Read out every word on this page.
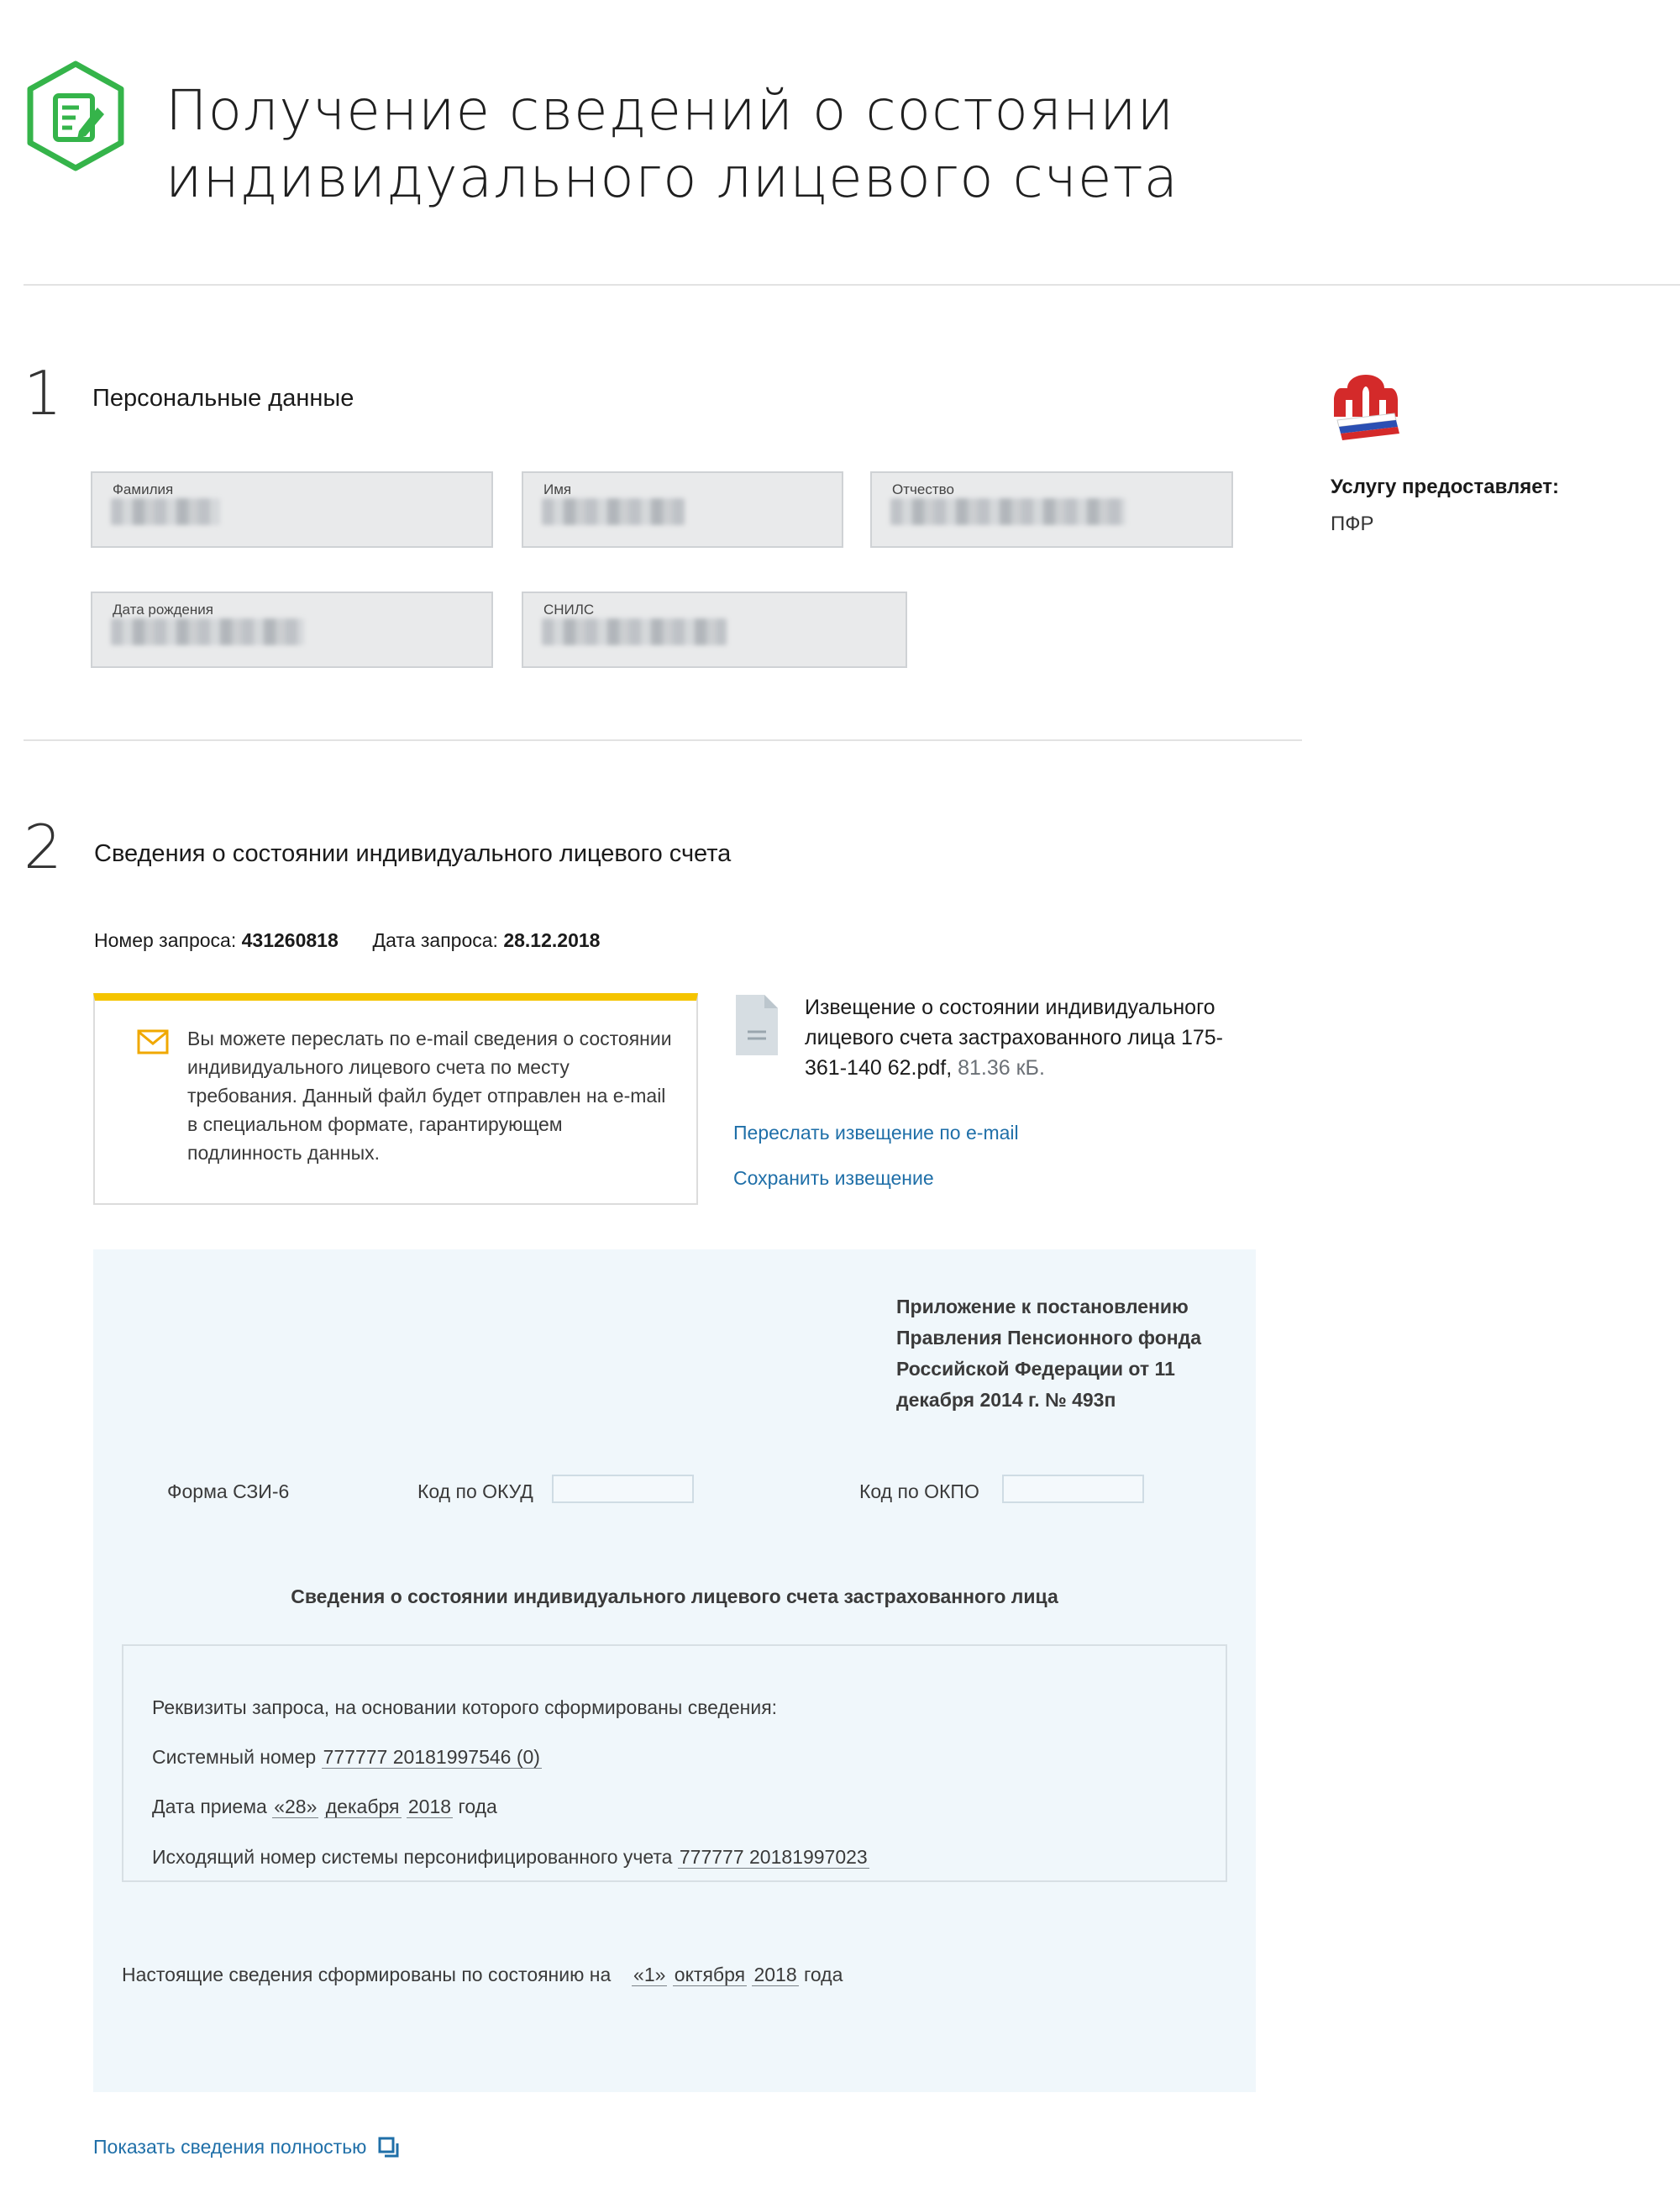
Получение сведений о состоянии индивидуального лицевого счета
1 Персональные данные
Фамилия	Имя	Отчество
Дата рождения	СНИЛС
Услугу предоставляет:
ПФР
2 Сведения о состоянии индивидуального лицевого счета
Номер запроса: 431260818 Дата запроса: 28.12.2018
Вы можете переслать по e-mail сведения о состоянии индивидуального лицевого счета по месту требования. Данный файл будет отправлен на e-mail в специальном формате, гарантирующем подлинность данных.
Извещение о состоянии индивидуального лицевого счета застрахованного лица 175-361-140 62.pdf, 81.36 кБ.
Переслать извещение по e-mail
Сохранить извещение
Приложение к постановлению Правления Пенсионного фонда Российской Федерации от 11 декабря 2014 г. № 493п
Форма СЗИ-6	Код по ОКУД	Код по ОКПО
Сведения о состоянии индивидуального лицевого счета застрахованного лица
Реквизиты запроса, на основании которого сформированы сведения:
Системный номер 777777 20181997546 (0)
Дата приема «28» декабря 2018 года
Исходящий номер системы персонифицированного учета 777777 20181997023
Настоящие сведения сформированы по состоянию на «1» октября 2018 года
Показать сведения полностью
